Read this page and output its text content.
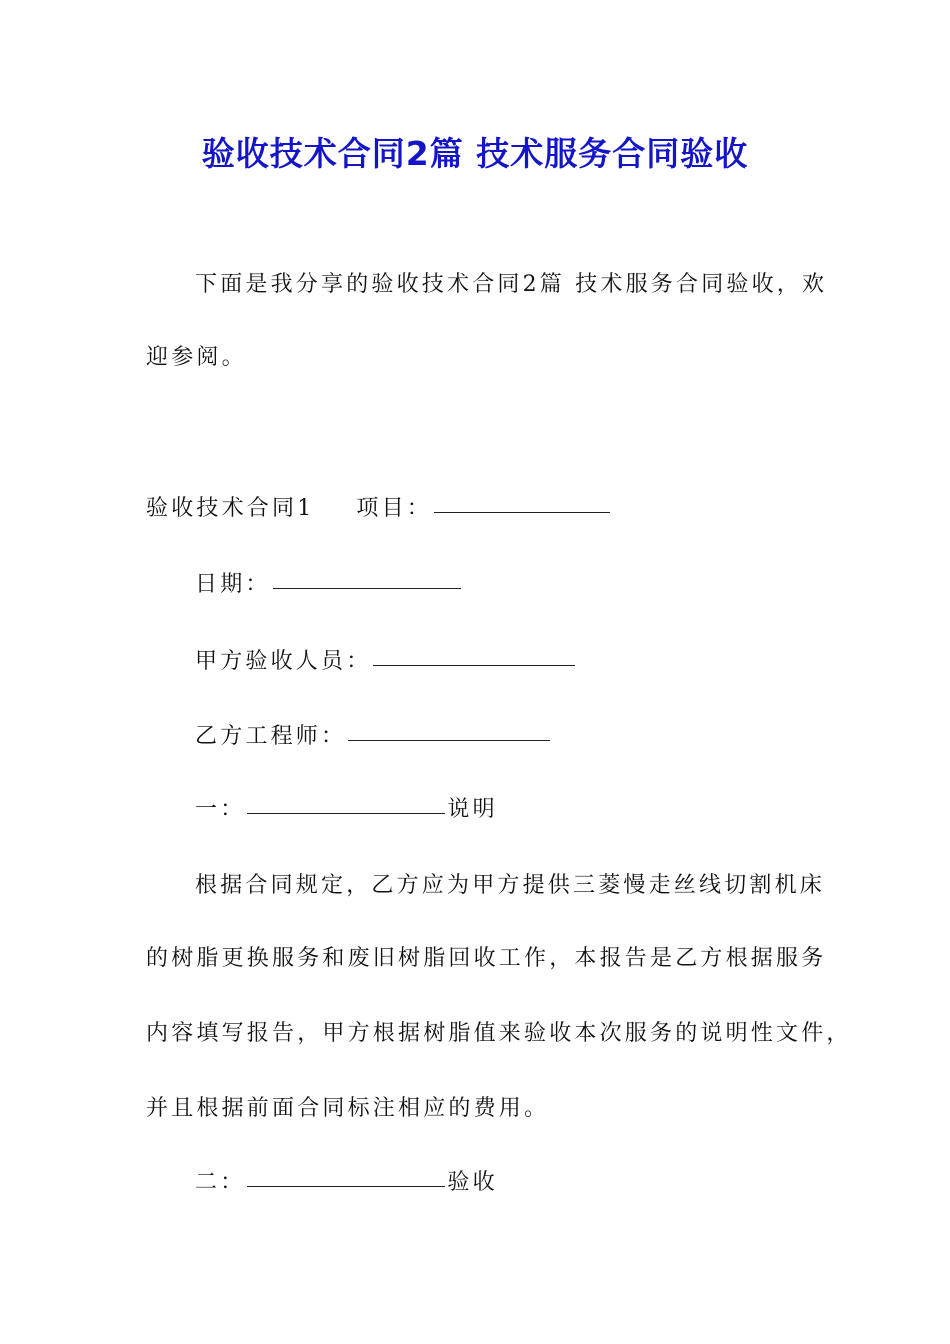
验收技术合同2篇 技术服务合同验收
下面是我分享的验收技术合同2篇 技术服务合同验收，欢
迎参阅。
验收技术合同1 项目：
日期：
甲方验收人员：
乙方工程师：
一：	说明
根据合同规定，乙方应为甲方提供三菱慢走丝线切割机床
的树脂更换服务和废旧树脂回收工作，本报告是乙方根据服务
内容填写报告，甲方根据树脂值来验收本次服务的说明性文件，
并且根据前面合同标注相应的费用。
二：	验收
